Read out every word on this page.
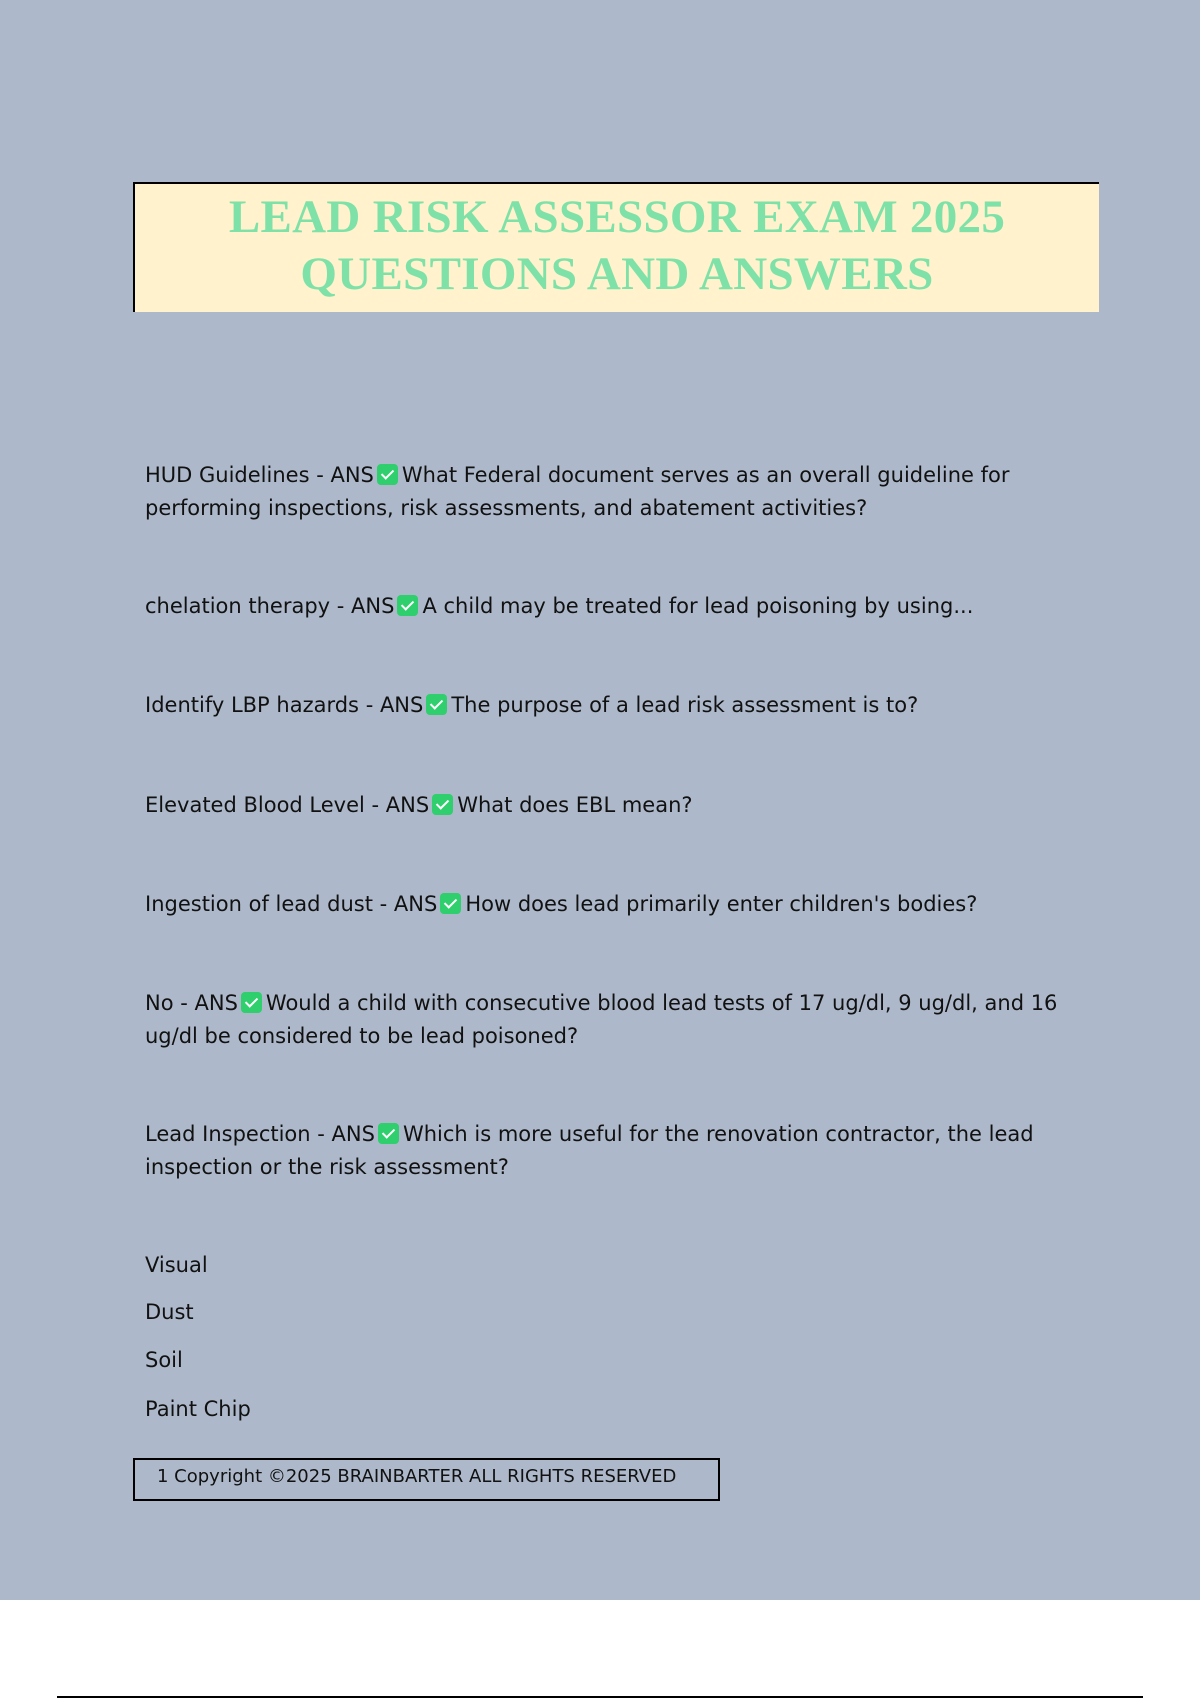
LEAD RISK ASSESSOR EXAM 2025
QUESTIONS AND ANSWERS
HUD Guidelines - ANS What Federal document serves as an overall guideline for performing inspections, risk assessments, and abatement activities?
chelation therapy - ANS A child may be treated for lead poisoning by using...
Identify LBP hazards - ANS The purpose of a lead risk assessment is to?
Elevated Blood Level - ANS What does EBL mean?
Ingestion of lead dust - ANS How does lead primarily enter children's bodies?
No - ANS Would a child with consecutive blood lead tests of 17 ug/dl, 9 ug/dl, and 16 ug/dl be considered to be lead poisoned?
Lead Inspection - ANS Which is more useful for the renovation contractor, the lead inspection or the risk assessment?
Visual
Dust
Soil
Paint Chip
1 Copyright ©2025 BRAINBARTER ALL RIGHTS RESERVED
